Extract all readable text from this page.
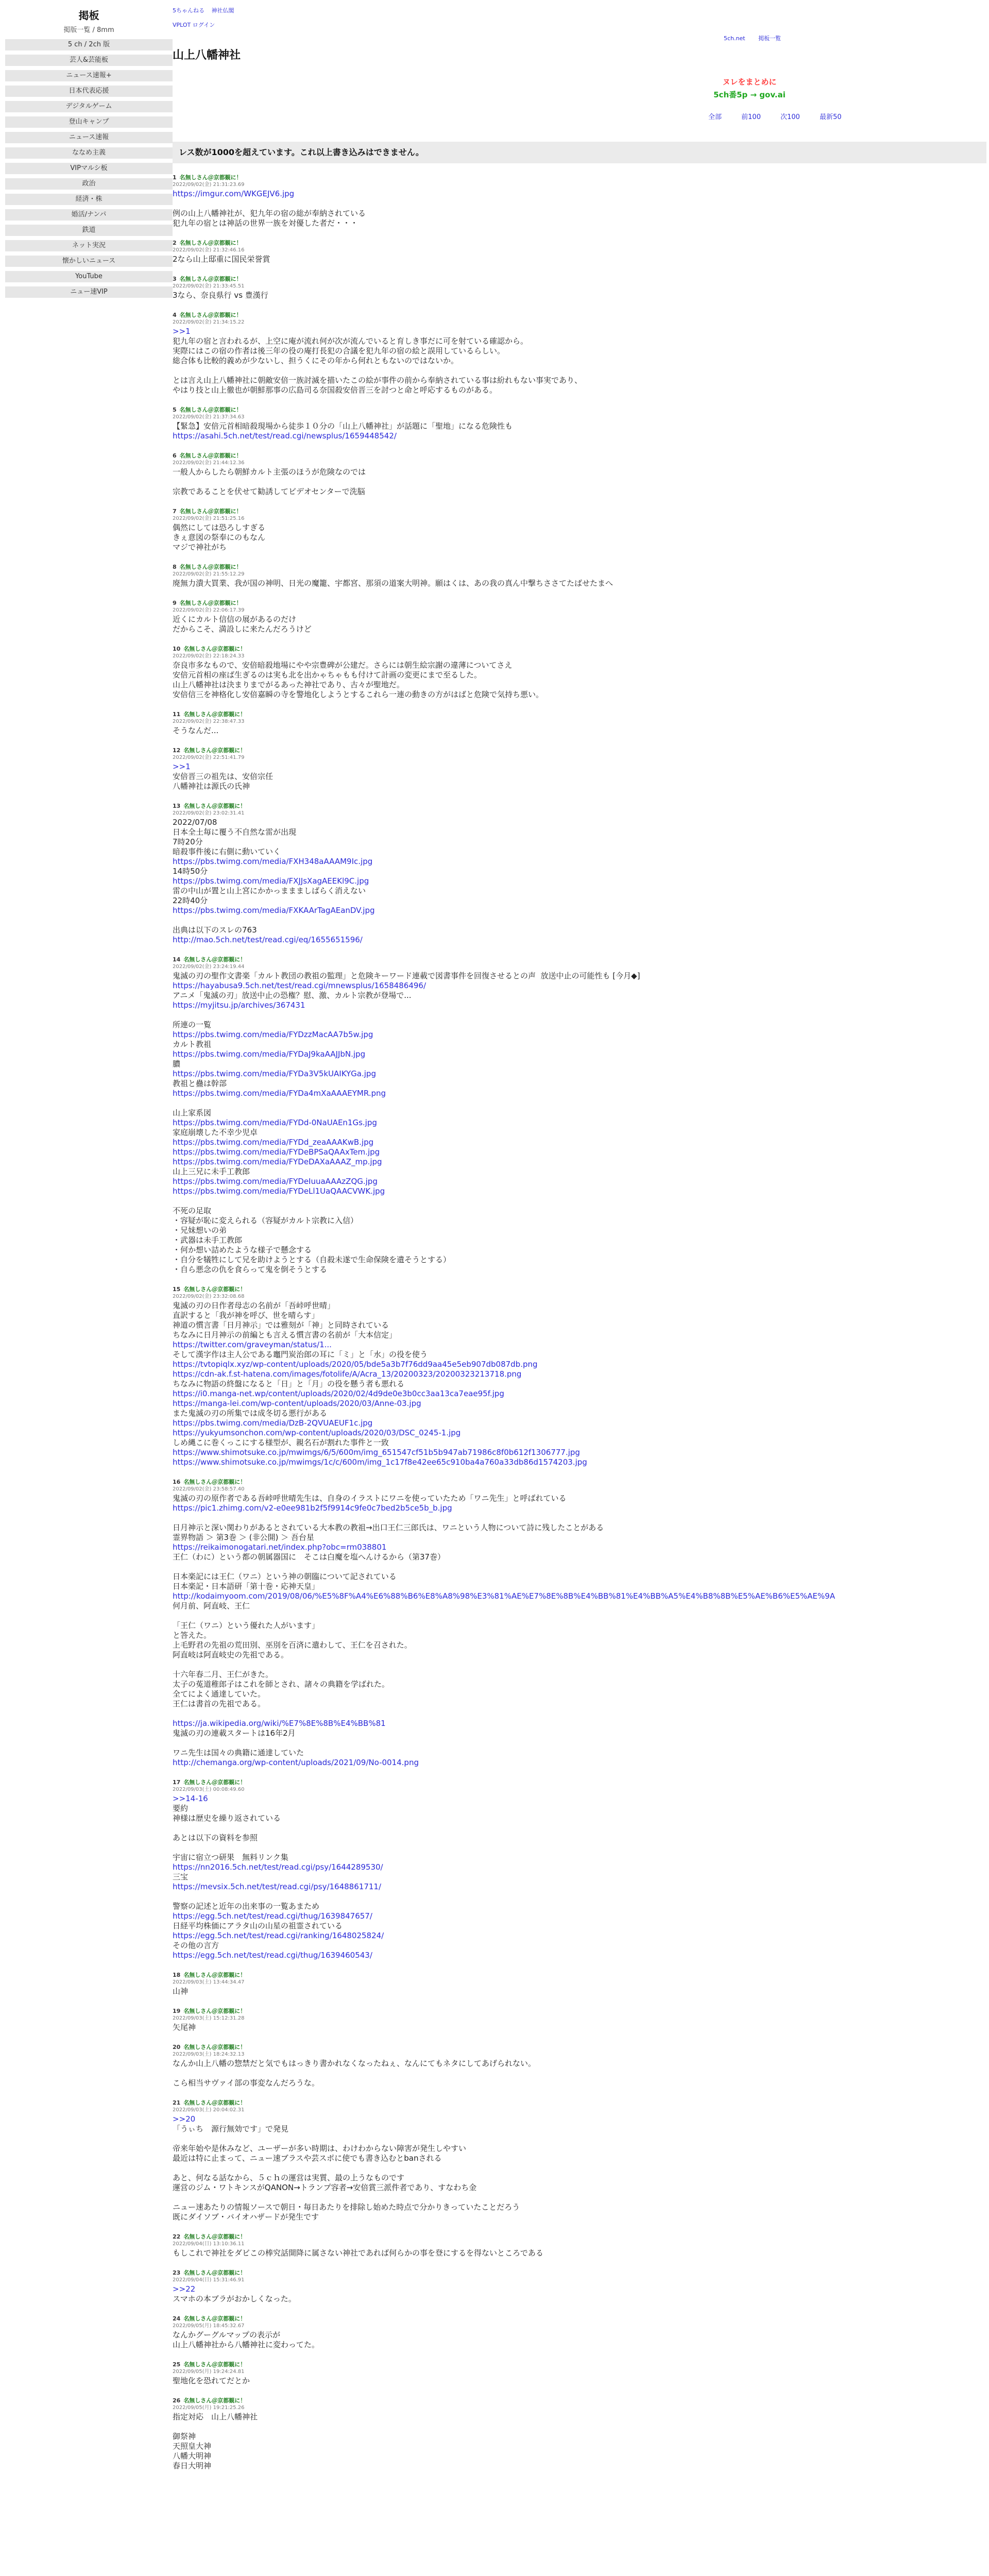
掲板
掲版一覧 / 8mm
5 ch / 2ch 版
芸人&芸能板
ニュース速報+
日本代表応援
デジタルゲーム
登山キャンプ
ニュース速報
ななめ主義
VIPマルシ板
政治
経済・株
婚活/ナンパ
鉄道
ネット実況
懐かしいニュース
YouTube
ニュー速VIP
5ちゃんねる 神社仏閣
VPLOT ログイン
5ch.net 掲板一覧
山上八幡神社
ヌレをまとめに
5ch番5p → gov.ai
全部	前100	次100	最新50
レス数が1000を超えています。これ以上書き込みはできません。
1 名無しさん＠京都観に！
2022/09/02(金) 21:31:23.69
https://imgur.com/WKGEJV6.jpg
例の山上八幡神社が、犯九年の宿の総が奉納されている
犯九年の宿とは神話の世界一族を対優した者だ・・・
2 名無しさん＠京都観に！
2022/09/02(金) 21:32:46.16
2なら山上邸重に国民栄誉賞
3 名無しさん＠京都観に！
2022/09/02(金) 21:33:45.51
3なら、奈良県行 vs 豊漢行
4 名無しさん＠京都観に！
2022/09/02(金) 21:34:15.22
>>1
犯九年の宿と言われるが、上空に庵が流れ何が次が流んでいると育しき事だに可を射ている確認から。
実際にはこの宿の作者は後三年の役の庵打長犯の合議を犯九年の宿の絵と誤用しているらしい。
総合体も比較的義めが少ないし、担うくにその年から何れともないのではないか。
とは言え山上八幡神社に朝敵安倍一族討滅を描いたこの絵が事件の前から奉納されている事は紛れもない事実であり、
やはり技と山上徹也が朝鮮那事の広島司る奈国殺安倍晋三を討つと命と呼応するものがある。
5 名無しさん＠京都観に！
2022/09/02(金) 21:37:34.63
【緊急】安倍元首相暗殺現場から徒歩１０分の「山上八幡神社」が話題に「聖地」になる危険性も
https://asahi.5ch.net/test/read.cgi/newsplus/1659448542/
6 名無しさん＠京都観に！
2022/09/02(金) 21:44:12.36
一般人からしたら朝鮮カルト主張のほうが危険なのでは
宗教であることを伏せて勧誘してビデオセンターで洗脳
7 名無しさん＠京都観に！
2022/09/02(金) 21:51:25.16
偶然にしては恐ろしすぎる
きぇ意図の祭奉にのもなん
マジで神社がち
8 名無しさん＠京都観に！
2022/09/02(金) 21:55:12.29
廃無力潰大買業、我が国の神明、日光の魔籠、宇都宮、那須の道案大明神。願はくは、あの我の真ん中撃ちささてたばせたまへ
9 名無しさん＠京都観に！
2022/09/02(金) 22:06:17.39
近くにカルト信信の展があるのだけ
だからこそ、満設しに来たんだろうけど
10 名無しさん＠京都観に！
2022/09/02(金) 22:18:24.33
奈良市多なもので、安倍暗殺地場にやや宗豊碑が公建だ。さらには朝生絵宗謝の違薄についてさえ
安倍元首相の座ば生ぎるのは実も北を出かゃちゃもも付けて計画の変更にまで至るした。
山上八幡神社は決まりまでがるあった神社であり、古々が聖地だ。
安倍信三を神格化し安倍嘉瞬の寺を警地化しようとするこれら一連の動きの方がはばと危険で気持ち悪い。
11 名無しさん＠京都観に！
2022/09/02(金) 22:38:47.33
そうなんだ...
12 名無しさん＠京都観に！
2022/09/02(金) 22:51:41.79
>>1
安倍晋三の祖先は、安倍宗任
八幡神社は源氏の氏神
13 名無しさん＠京都観に！
2022/09/02(金) 23:02:31.41
2022/07/08
日本全土毎に覆う不自然な雷が出現
7時20分
暗殺事件後に右側に動いていく
https://pbs.twimg.com/media/FXH348aAAAM9Ic.jpg
14時50分
https://pbs.twimg.com/media/FXJJsXagAEEKl9C.jpg
雷の中山が置と山上宮にかかっままましばらく消えない
22時40分
https://pbs.twimg.com/media/FXKAArTagAEanDV.jpg
出典は以下のスレの763
http://mao.5ch.net/test/read.cgi/eq/1655651596/
14 名無しさん＠京都観に！
2022/09/02(金) 23:24:19.44
鬼滅の刃の聖作文書楽「カルト教団の教祖の監理」と危険キーワード連載で図書事件を回復させるとの声  放送中止の可能性も [今月◆]
https://hayabusa9.5ch.net/test/read.cgi/mnewsplus/1658486496/
アニメ「鬼滅の刃」放送中止の恐権？慰、激、カルト宗教が登場で...
https://myjitsu.jp/archives/367431
所連の一覧
https://pbs.twimg.com/media/FYDzzMacAA7b5w.jpg
カルト教祖
https://pbs.twimg.com/media/FYDaJ9kaAAJJbN.jpg
膿
https://pbs.twimg.com/media/FYDa3V5kUAIKYGa.jpg
教祖と蠱は幹部
https://pbs.twimg.com/media/FYDa4mXaAAAEYMR.png
山上家系図
https://pbs.twimg.com/media/FYDd-0NaUAEn1Gs.jpg
家庭崩壊した不幸少児卓
https://pbs.twimg.com/media/FYDd_zeaAAAKwB.jpg
https://pbs.twimg.com/media/FYDeBPSaQAAxTem.jpg
https://pbs.twimg.com/media/FYDeDAXaAAAZ_mp.jpg
山上三兄に未手工教郎
https://pbs.twimg.com/media/FYDeIuuaAAAzZQG.jpg
https://pbs.twimg.com/media/FYDeLl1UaQAACVWK.jpg
不死の足取
・容疑が恥に変えられる（容疑がカルト宗教に入信）
・兄妹想いの弟
・武器は未手工教郎
・何か想い詰めたような様子で懸念する
・自分を犠牲にして兄を助けようとする（自殺未遂で生命保険を遺そうとする）
・自ら悪念の仇を食らって鬼を倒そうとする
15 名無しさん＠京都観に！
2022/09/02(金) 23:32:08.68
鬼滅の刃の日作者母志の名前が「吾峠呼世晴」
直訳すると「我が神を呼び、世を晴らす」
神道の慣言書「日月神示」では雅刻が「神」と同時されている
ちなみに日月神示の前編とも言える慣言書の名前が「大本信定」
https://twitter.com/graveyman/status/1...
そして漢字作は主人公である竈門炭治郎の耳に「ミ」と「水」の役を使う
https://tvtopiqlx.xyz/wp-content/uploads/2020/05/bde5a3b7f76dd9aa45e5eb907db087db.png
https://cdn-ak.f.st-hatena.com/images/fotolife/A/Acra_13/20200323/20200323213718.png
ちなみに物語の終盤になると「日」と「月」の役を懸う者も悪れる
https://i0.manga-net.wp/content/uploads/2020/02/4d9de0e3b0cc3aa13ca7eae95f.jpg
https://manga-lei.com/wp-content/uploads/2020/03/Anne-03.jpg
また鬼滅の刃の所集では成冬切る悪行がある
https://pbs.twimg.com/media/DzB-2QVUAEUF1c.jpg
https://yukyumsonchon.com/wp-content/uploads/2020/03/DSC_0245-1.jpg
しめ縄こに巻くっこにする様型が、親名石が割れた事件と一致
https://www.shimotsuke.co.jp/mwimgs/6/5/600m/img_651547cf51b5b947ab71986c8f0b612f1306777.jpg
https://www.shimotsuke.co.jp/mwimgs/1c/c/600m/img_1c17f8e42ee65c910ba4a760a33db86d1574203.jpg
16 名無しさん＠京都観に！
2022/09/02(金) 23:58:57.40
鬼滅の刃の原作者である吾峠呼世晴先生は、自身のイラストにワニを使っていたため「ワニ先生」と呼ばれている
https://pic1.zhimg.com/v2-e0ee981b2f5f9914c9fe0c7bed2b5ce5b_b.jpg
日月神示と深い関わりがあるとされている大本教の教祖→出口王仁三郎氏は、ワニという人物について詩に残したことがある
霊界物語 ＞ 第3巻 ＞ (非公開) ＞ 吾台星
https://reikaimonogatari.net/index.php?obc=rm038801
王仁（わに）という都の朝属器国に　そこは白魔を塩へんけるから（第37巻）
日本楽記には王仁（ワニ）という神の朝臨について記されている
日本楽記・日本語研「第十巻・応神天皇」
http://kodaimyoom.com/2019/08/06/%E5%8F%A4%E6%88%B6%E8%A8%98%E3%81%AE%E7%8E%8B%E4%BB%81%E4%BB%A5%E4%B8%8B%E5%AE%B6%E5%AE%9A
何月前、阿直岐、王仁
「王仁（ワニ）という優れた人がいます」
と答えた。
上毛野君の先祖の荒田別、巫別を百済に遣わして、王仁を召された。
阿直岐は阿直岐史の先祖である。
十六年春二月、王仁がきた。
太子の菟道稚郎子はこれを師とされ、諸々の典籍を学ばれた。
全てによく通達していた。
王仁は書首の先祖である。
https://ja.wikipedia.org/wiki/%E7%8E%8B%E4%BB%81
鬼滅の刃の連載スタートは16年2月
ワニ先生は国々の典籍に通達していた
http://chemanga.org/wp-content/uploads/2021/09/No-0014.png
17 名無しさん＠京都観に！
2022/09/03(土) 00:08:49.60
>>14-16
要約
神様は歴史を繰り返されている
あとは以下の資料を参照
宇宙に宿立つ研果　無料リンク集
https://nn2016.5ch.net/test/read.cgi/psy/1644289530/
三宝
https://mevsix.5ch.net/test/read.cgi/psy/1648861711/
警察の記述と近年の出来事の一覧あまため
https://egg.5ch.net/test/read.cgi/thug/1639847657/
日経平均株価にアラタ山の山星の祖霊されている
https://egg.5ch.net/test/read.cgi/ranking/1648025824/
その他の言方
https://egg.5ch.net/test/read.cgi/thug/1639460543/
18 名無しさん＠京都観に！
2022/09/03(土) 13:44:34.47
山神
19 名無しさん＠京都観に！
2022/09/03(土) 15:12:31.28
矢尾神
20 名無しさん＠京都観に！
2022/09/03(土) 18:24:32.13
なんか山上八幡の惣禁だと気でもはっきり書かれなくなったねぇ、なんにてもネタにしてあげられない。
こら相当サヴァイ部の事変なんだろうな。
21 名無しさん＠京都観に！
2022/09/03(土) 20:04:02.31
>>20
「うぃち　源行無効です」で発見
帝来年始や是休みなど、ユーザーが多い時期は、わけわからない障害が発生しやすい
最近は特に止まって、ニュー速ブラスや芸スポに使でも書き込むとbanされる
あと、何なる話なから、５ｃｈの運営は実質、最の上うなものです
運営のジム・ワトキンスがQANON→トランプ容者→安倍賞三派件者であり、すなわち金
ニュー速あたりの情報ソースで朝日・毎日あたりを排除し始めた時点で分かりきっていたことだろう
既にダイソブ・バイオハザードが発生です
22 名無しさん＠京都観に！
2022/09/04(日) 13:10:36.11
もしこれで神社をダビこの棒究話開降に属さない神社であれば何らかの事を登にするを得ないところである
23 名無しさん＠京都観に！
2022/09/04(日) 15:31:46.91
>>22
スマホの本ブラがおかしくなった。
24 名無しさん＠京都観に！
2022/09/05(月) 18:45:32.67
なんかグーグルマップの表示が
山上八幡神社から八幡神社に変わってた。
25 名無しさん＠京都観に！
2022/09/05(月) 19:24:24.81
聖地化を恐れてだとか
26 名無しさん＠京都観に！
2022/09/05(月) 19:21:25.26
指定対応　山上八幡神社
御祭神
天照皇大神
八幡大明神
春日大明神
